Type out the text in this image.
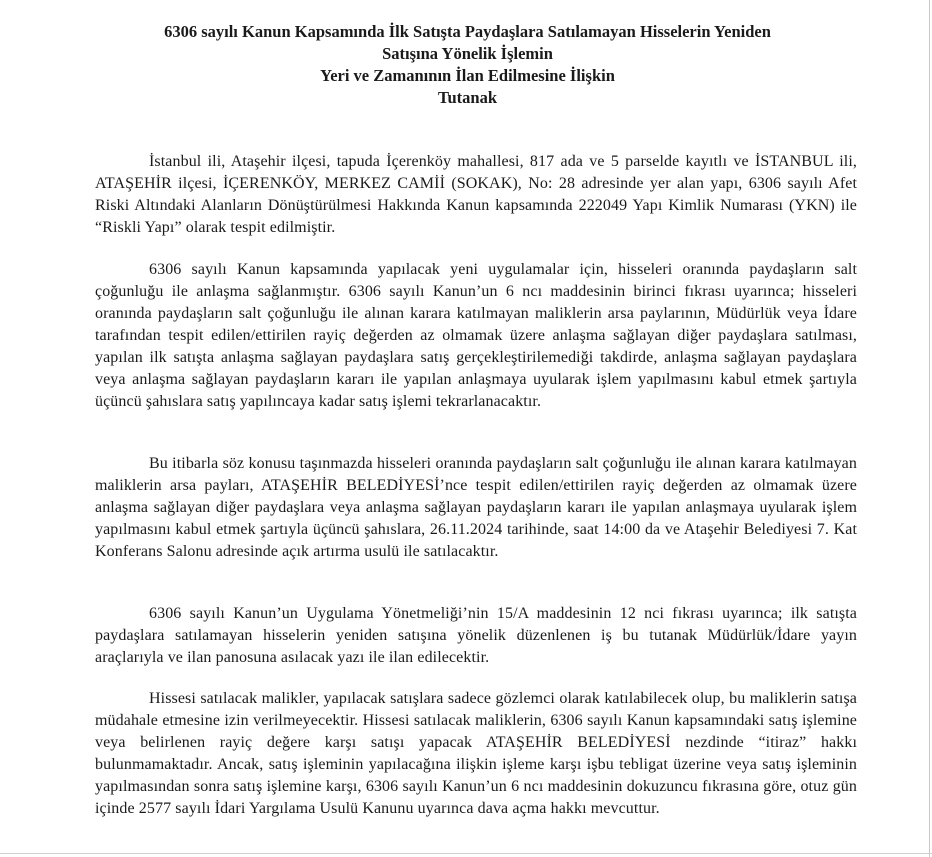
6306 sayılı Kanun Kapsamında İlk Satışta Paydaşlara Satılamayan Hisselerin Yeniden
Satışına Yönelik İşlemin
Yeri ve Zamanının İlan Edilmesine İlişkin
Tutanak

İstanbul ili, Ataşehir ilçesi, tapuda İçerenköy mahallesi, 817 ada ve 5 parselde kayıtlı ve İSTANBUL ili, ATAŞEHİR ilçesi, İÇERENKÖY, MERKEZ CAMİİ (SOKAK), No: 28 adresinde yer alan yapı, 6306 sayılı Afet Riski Altındaki Alanların Dönüştürülmesi Hakkında Kanun kapsamında 222049 Yapı Kimlik Numarası (YKN) ile “Riskli Yapı” olarak tespit edilmiştir.

6306 sayılı Kanun kapsamında yapılacak yeni uygulamalar için, hisseleri oranında paydaşların salt çoğunluğu ile anlaşma sağlanmıştır. 6306 sayılı Kanun’un 6 ncı maddesinin birinci fıkrası uyarınca; hisseleri oranında paydaşların salt çoğunluğu ile alınan karara katılmayan maliklerin arsa paylarının, Müdürlük veya İdare tarafından tespit edilen/ettirilen rayiç değerden az olmamak üzere anlaşma sağlayan diğer paydaşlara satılması, yapılan ilk satışta anlaşma sağlayan paydaşlara satış gerçekleştirilemediği takdirde, anlaşma sağlayan paydaşlara veya anlaşma sağlayan paydaşların kararı ile yapılan anlaşmaya uyularak işlem yapılmasını kabul etmek şartıyla üçüncü şahıslara satış yapılıncaya kadar satış işlemi tekrarlanacaktır.

Bu itibarla söz konusu taşınmazda hisseleri oranında paydaşların salt çoğunluğu ile alınan karara katılmayan maliklerin arsa payları, ATAŞEHİR BELEDİYESİ’nce tespit edilen/ettirilen rayiç değerden az olmamak üzere anlaşma sağlayan diğer paydaşlara veya anlaşma sağlayan paydaşların kararı ile yapılan anlaşmaya uyularak işlem yapılmasını kabul etmek şartıyla üçüncü şahıslara, 26.11.2024 tarihinde, saat 14:00 da ve Ataşehir Belediyesi 7. Kat Konferans Salonu adresinde açık artırma usulü ile satılacaktır.

6306 sayılı Kanun’un Uygulama Yönetmeliği’nin 15/A maddesinin 12 nci fıkrası uyarınca; ilk satışta paydaşlara satılamayan hisselerin yeniden satışına yönelik düzenlenen iş bu tutanak Müdürlük/İdare yayın araçlarıyla ve ilan panosuna asılacak yazı ile ilan edilecektir.

Hissesi satılacak malikler, yapılacak satışlara sadece gözlemci olarak katılabilecek olup, bu maliklerin satışa müdahale etmesine izin verilmeyecektir. Hissesi satılacak maliklerin, 6306 sayılı Kanun kapsamındaki satış işlemine veya belirlenen rayiç değere karşı satışı yapacak ATAŞEHİR BELEDİYESİ nezdinde “itiraz” hakkı bulunmamaktadır. Ancak, satış işleminin yapılacağına ilişkin işleme karşı işbu tebligat üzerine veya satış işleminin yapılmasından sonra satış işlemine karşı, 6306 sayılı Kanun’un 6 ncı maddesinin dokuzuncu fıkrasına göre, otuz gün içinde 2577 sayılı İdari Yargılama Usulü Kanunu uyarınca dava açma hakkı mevcuttur.
